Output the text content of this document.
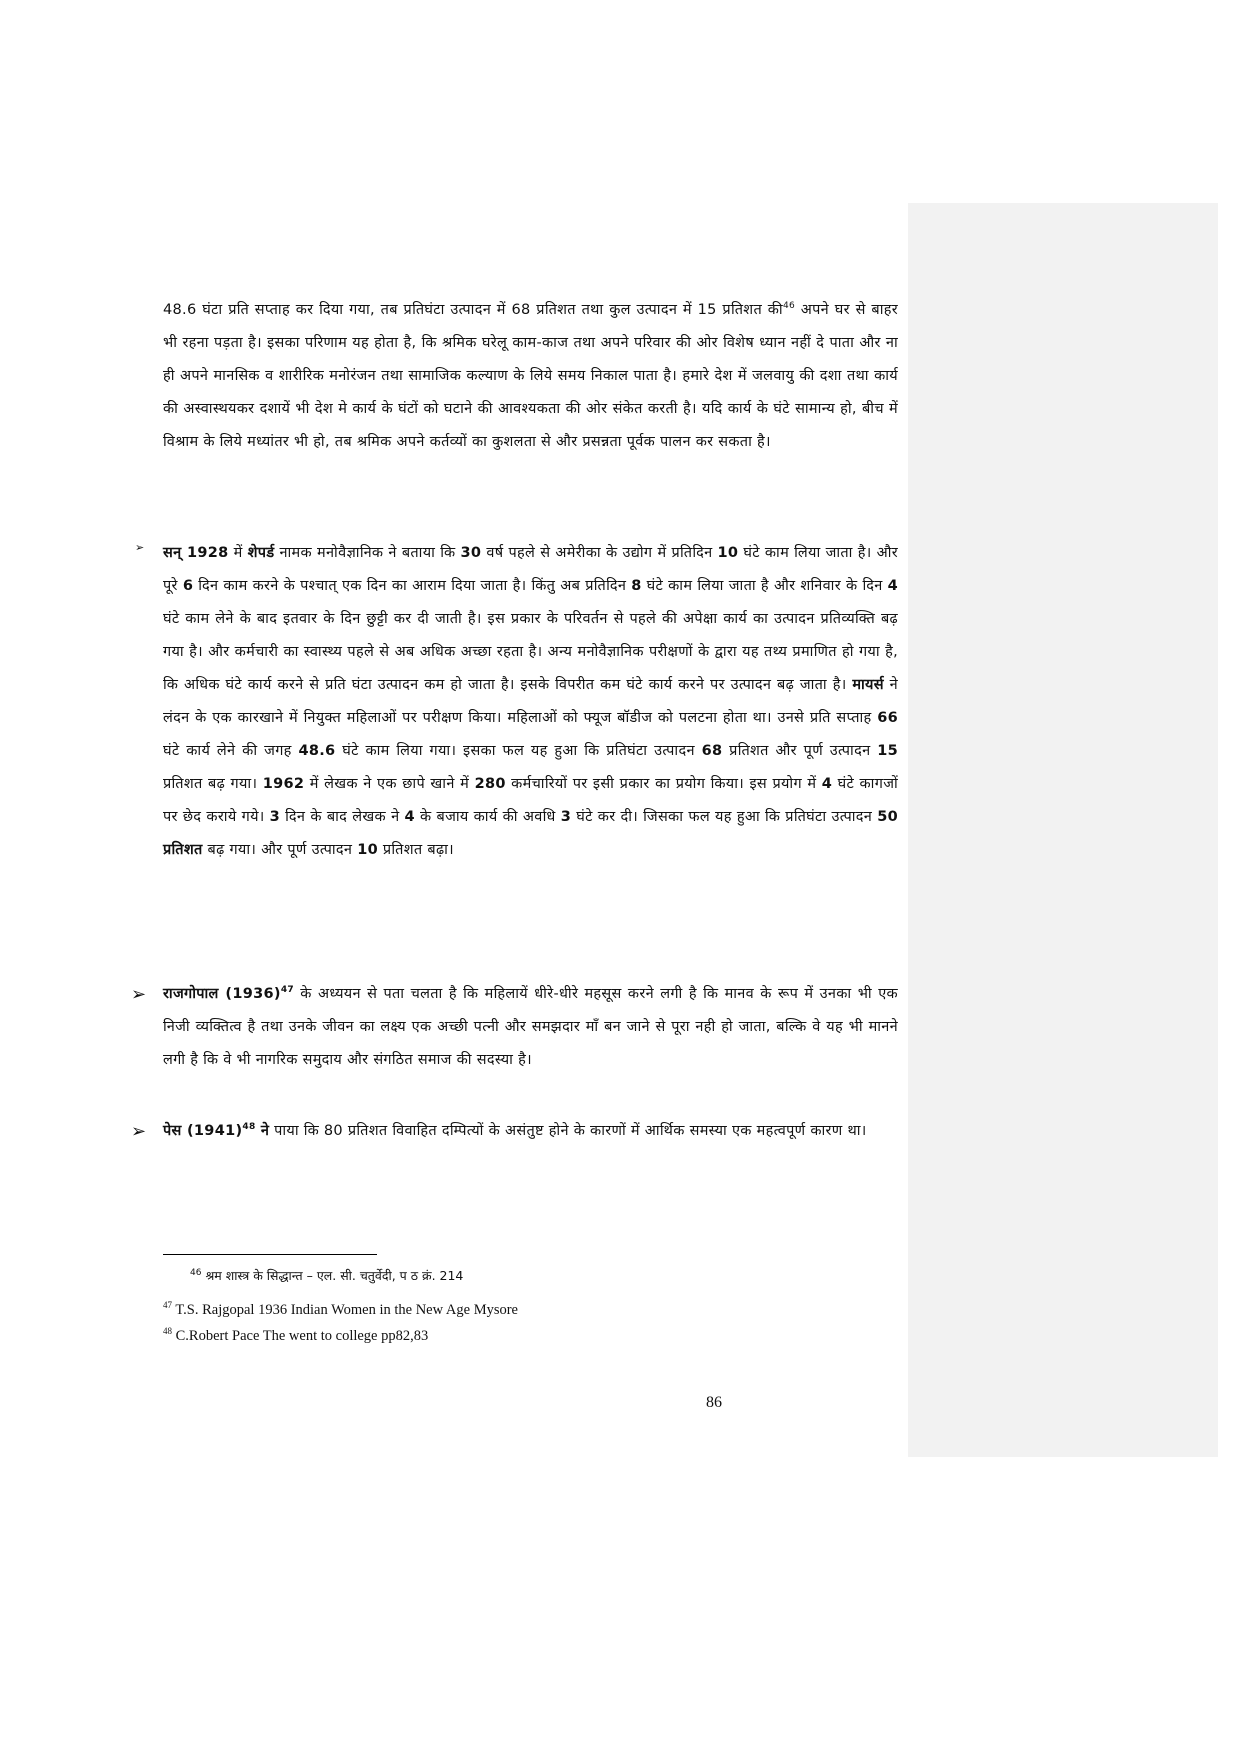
48.6 घंटा प्रति सप्ताह कर दिया गया, तब प्रतिघंटा उत्पादन में 68 प्रतिशत तथा कुल उत्पादन में 15 प्रतिशत की$^{46}$ अपने घर से बाहर भी रहना पड़ता है। इसका परिणाम यह होता है, कि श्रमिक घरेलू काम-काज तथा अपने परिवार की ओर विशेष ध्यान नहीं दे पाता और ना ही अपने मानसिक व शारीरिक मनोरंजन तथा सामाजिक कल्याण के लिये समय निकाल पाता है। हमारे देश में जलवायु की दशा तथा कार्य की अस्वास्थयकर दशायें भी देश मे कार्य के घंटों को घटाने की आवश्यकता की ओर संकेत करती है। यदि कार्य के घंटे सामान्य हो, बीच में विश्राम के लिये मध्यांतर भी हो, तब श्रमिक अपने कर्तव्यों का कुशलता से और प्रसन्नता पूर्वक पालन कर सकता है।
➢ सन् 1928 में शेपर्ड नामक मनोवैज्ञानिक ने बताया कि 30 वर्ष पहले से अमेरीका के उद्योग में प्रतिदिन 10 घंटे काम लिया जाता है। और पूरे 6 दिन काम करने के पश्चात् एक दिन का आराम दिया जाता है। किंतु अब प्रतिदिन 8 घंटे काम लिया जाता है और शनिवार के दिन 4 घंटे काम लेने के बाद इतवार के दिन छुट्टी कर दी जाती है। इस प्रकार के परिवर्तन से पहले की अपेक्षा कार्य का उत्पादन प्रतिव्यक्ति बढ़ गया है। और कर्मचारी का स्वास्थ्य पहले से अब अधिक अच्छा रहता है। अन्य मनोवैज्ञानिक परीक्षणों के द्वारा यह तथ्य प्रमाणित हो गया है, कि अधिक घंटे कार्य करने से प्रति घंटा उत्पादन कम हो जाता है। इसके विपरीत कम घंटे कार्य करने पर उत्पादन बढ़ जाता है। मायर्स ने लंदन के एक कारखाने में नियुक्त महिलाओं पर परीक्षण किया। महिलाओं को फ्यूज बॉडीज को पलटना होता था। उनसे प्रति सप्ताह 66 घंटे कार्य लेने की जगह 48.6 घंटे काम लिया गया। इसका फल यह हुआ कि प्रतिघंटा उत्पादन 68 प्रतिशत और पूर्ण उत्पादन 15 प्रतिशत बढ़ गया। 1962 में लेखक ने एक छापे खाने में 280 कर्मचारियों पर इसी प्रकार का प्रयोग किया। इस प्रयोग में 4 घंटे कागजों पर छेद कराये गये। 3 दिन के बाद लेखक ने 4 के बजाय कार्य की अवधि 3 घंटे कर दी। जिसका फल यह हुआ कि प्रतिघंटा उत्पादन 50 प्रतिशत बढ़ गया। और पूर्ण उत्पादन 10 प्रतिशत बढ़ा।
➢ राजगोपाल $(1936)^{47}$ के अध्ययन से पता चलता है कि महिलायें धीरे-धीरे महसूस करने लगी है कि मानव के रूप में उनका भी एक निजी व्यक्तित्व है तथा उनके जीवन का लक्ष्य एक अच्छी पत्नी और समझदार माँ बन जाने से पूरा नही हो जाता, बल्कि वे यह भी मानने लगी है कि वे भी नागरिक समुदाय और संगठित समाज की सदस्या है।
➢ पेस $(1941)^{48}$ ने पाया कि 80 प्रतिशत विवाहित दम्पित्यों के असंतुष्ट होने के कारणों में आर्थिक समस्या एक महत्वपूर्ण कारण था।
$^{46}$ श्रम शास्त्र के सिद्धान्त – एल. सी. चतुर्वेदी, प ठ क्रं. 214
$^{47}$ T.S. Rajgopal 1936 Indian Women in the New Age Mysore
$^{48}$ C.Robert Pace The went to college pp82,83
86
